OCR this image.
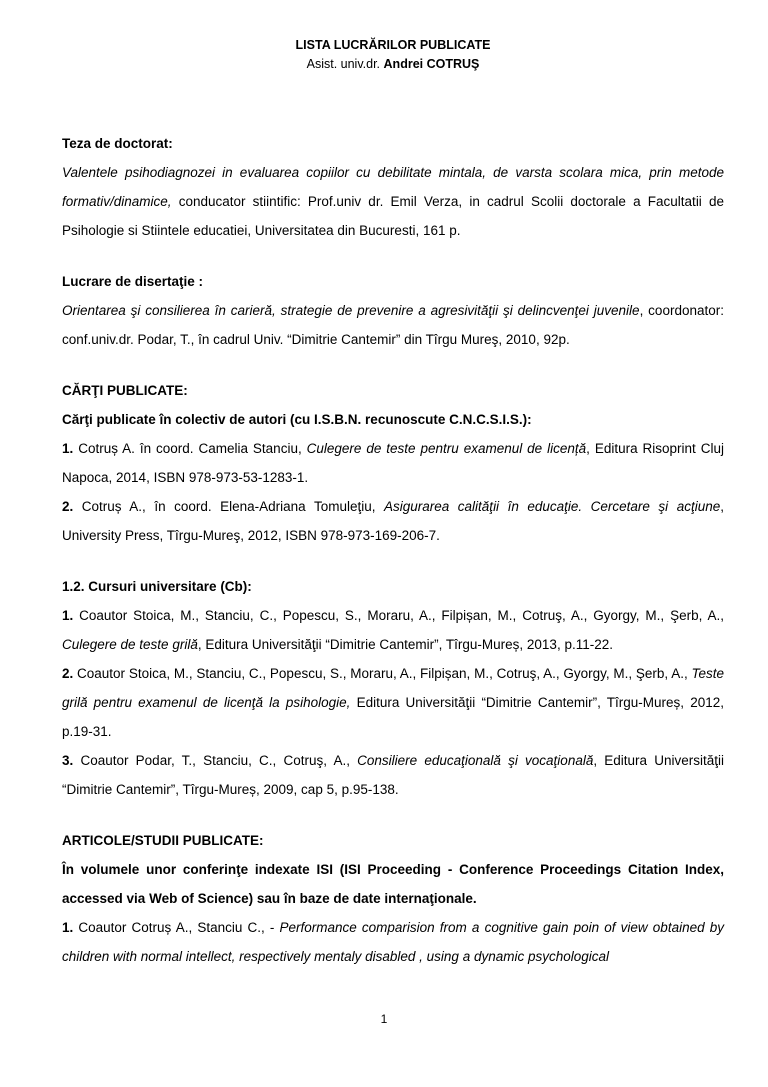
LISTA LUCRĂRILOR PUBLICATE
Asist. univ.dr. Andrei COTRUŞ
Teza de doctorat:

Valentele psihodiagnozei in evaluarea copiilor cu debilitate mintala, de varsta scolara mica, prin metode formativ/dinamice, conducator stiintific: Prof.univ dr. Emil Verza, in cadrul Scolii doctorale a Facultatii de Psihologie si Stiintele educatiei, Universitatea din Bucuresti, 161 p.

Lucrare de disertaţie :

Orientarea şi consilierea în carieră, strategie de prevenire a agresivităţii şi delincvenţei juvenile, coordonator: conf.univ.dr. Podar, T., în cadrul Univ. “Dimitrie Cantemir” din Tîrgu Mureş, 2010, 92p.

CĂRŢI PUBLICATE:
Cărţi publicate în colectiv de autori (cu I.S.B.N. recunoscute C.N.C.S.I.S.):

1. Cotruș A. în coord. Camelia Stanciu, Culegere de teste pentru examenul de licență, Editura Risoprint Cluj Napoca, 2014, ISBN 978-973-53-1283-1.

2. Cotruș A., în coord. Elena-Adriana Tomuleţiu, Asigurarea calităţii în educaţie. Cercetare şi acţiune, University Press, Tîrgu-Mureş, 2012, ISBN 978-973-169-206-7.

1.2. Cursuri universitare (Cb):

1. Coautor Stoica, M., Stanciu, C., Popescu, S., Moraru, A., Filpișan, M., Cotruş, A., Gyorgy, M., Şerb, A., Culegere de teste grilă, Editura Universităţii “Dimitrie Cantemir”, Tîrgu-Mureș, 2013, p.11-22.

2. Coautor Stoica, M., Stanciu, C., Popescu, S., Moraru, A., Filpișan, M., Cotruş, A., Gyorgy, M., Şerb, A., Teste grilă pentru examenul de licenţă la psihologie, Editura Universităţii “Dimitrie Cantemir”, Tîrgu-Mureș, 2012, p.19-31.

3. Coautor Podar, T., Stanciu, C., Cotruş, A., Consiliere educaţională şi vocaţională, Editura Universităţii “Dimitrie Cantemir”, Tîrgu-Mureș, 2009, cap 5, p.95-138.

ARTICOLE/STUDII PUBLICATE:
În volumele unor conferinţe indexate ISI (ISI Proceeding - Conference Proceedings Citation Index, accessed via Web of Science) sau în baze de date internaţionale.

1. Coautor Cotruș A., Stanciu C., - Performance comparision from a cognitive gain poin of view obtained by children with normal intellect, respectively mentaly disabled , using a dynamic psychological

1
